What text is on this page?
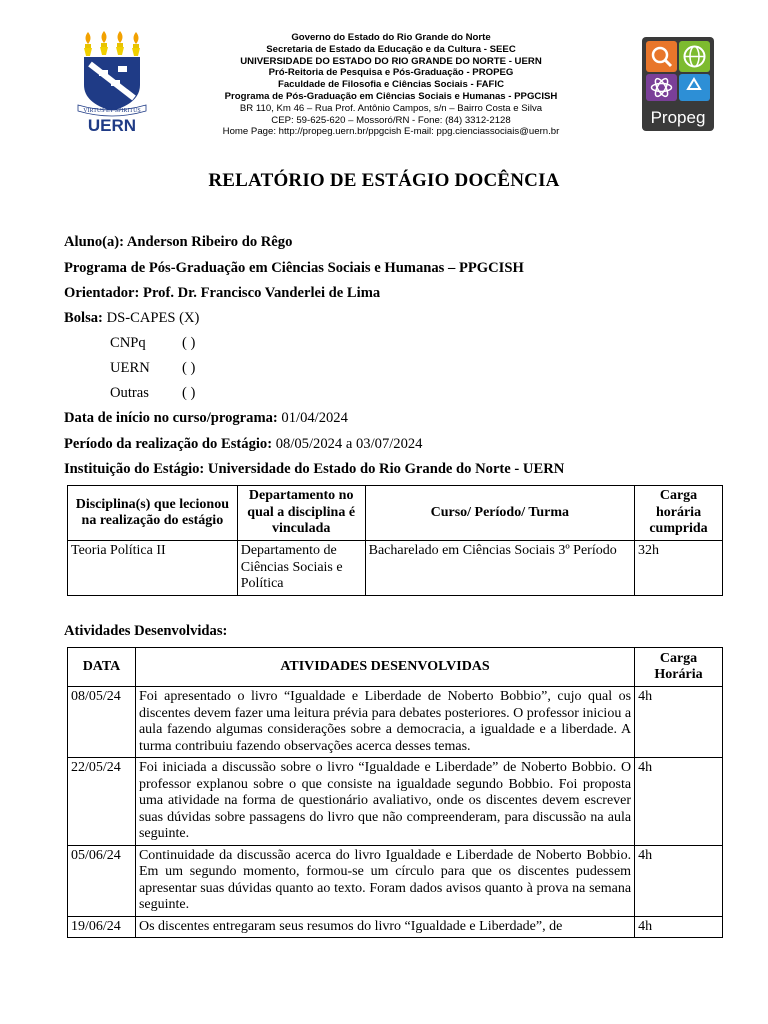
VIRTUS ET SPIRITUS
UERN
Governo do Estado do Rio Grande do Norte
Secretaria de Estado da Educação e da Cultura - SEEC
UNIVERSIDADE DO ESTADO DO RIO GRANDE DO NORTE - UERN
Pró-Reitoria de Pesquisa e Pós-Graduação - PROPEG
Faculdade de Filosofia e Ciências Sociais - FAFIC
Programa de Pós-Graduação em Ciências Sociais e Humanas - PPGCISH
BR 110, Km 46 – Rua Prof. Antônio Campos, s/n – Bairro Costa e Silva
CEP: 59-625-620 – Mossoró/RN - Fone: (84) 3312-2128
Home Page: http://propeg.uern.br/ppgcish E-mail: ppg.cienciassociais@uern.br
Propeg
RELATÓRIO DE ESTÁGIO DOCÊNCIA
Aluno(a): Anderson Ribeiro do Rêgo
Programa de Pós-Graduação em Ciências Sociais e Humanas – PPGCISH
Orientador: Prof. Dr. Francisco Vanderlei de Lima
Bolsa: DS-CAPES (X)
CNPq ( )
UERN ( )
Outras ( )
Data de início no curso/programa: 01/04/2024
Período da realização do Estágio: 08/05/2024 a 03/07/2024
Instituição do Estágio: Universidade do Estado do Rio Grande do Norte - UERN
Disciplina(s) que lecionou na realização do estágio	Departamento no qual a disciplina é vinculada	Curso/ Período/ Turma	Carga horária cumprida
Teoria Política II	Departamento de Ciências Sociais e Política	Bacharelado em Ciências Sociais 3º Período	32h
Atividades Desenvolvidas:
DATA	ATIVIDADES DESENVOLVIDAS	Carga Horária
08/05/24	Foi apresentado o livro “Igualdade e Liberdade de Noberto Bobbio”, cujo qual os discentes devem fazer uma leitura prévia para debates posteriores. O professor iniciou a aula fazendo algumas considerações sobre a democracia, a igualdade e a liberdade. A turma contribuiu fazendo observações acerca desses temas.	4h
22/05/24	Foi iniciada a discussão sobre o livro “Igualdade e Liberdade” de Noberto Bobbio. O professor explanou sobre o que consiste na igualdade segundo Bobbio. Foi proposta uma atividade na forma de questionário avaliativo, onde os discentes devem escrever suas dúvidas sobre passagens do livro que não compreenderam, para discussão na aula seguinte.	4h
05/06/24	Continuidade da discussão acerca do livro Igualdade e Liberdade de Noberto Bobbio. Em um segundo momento, formou-se um círculo para que os discentes pudessem apresentar suas dúvidas quanto ao texto. Foram dados avisos quanto à prova na semana seguinte.	4h
19/06/24	Os discentes entregaram seus resumos do livro “Igualdade e Liberdade”, de	4h
